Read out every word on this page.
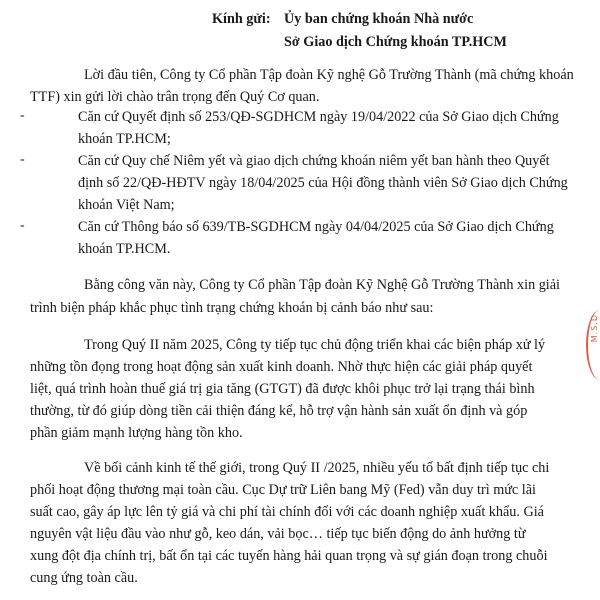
Kính gửi: Ủy ban chứng khoán Nhà nước
Sở Giao dịch Chứng khoán TP.HCM
Lời đầu tiên, Công ty Cổ phần Tập đoàn Kỹ nghệ Gỗ Trường Thành (mã chứng khoán
TTF) xin gửi lời chào trân trọng đến Quý Cơ quan.
-	Căn cứ Quyết định số 253/QĐ-SGDHCM ngày 19/04/2022 của Sở Giao dịch Chứng
khoán TP.HCM;
-	Căn cứ Quy chế Niêm yết và giao dịch chứng khoán niêm yết ban hành theo Quyết
định số 22/QĐ-HĐTV ngày 18/04/2025 của Hội đồng thành viên Sở Giao dịch Chứng
khoán Việt Nam;
-	Căn cứ Thông báo số 639/TB-SGDHCM ngày 04/04/2025 của Sở Giao dịch Chứng
khoán TP.HCM.
Bằng công văn này, Công ty Cổ phần Tập đoàn Kỹ Nghệ Gỗ Trường Thành xin giải
trình biện pháp khắc phục tình trạng chứng khoán bị cảnh báo như sau:
Trong Quý II năm 2025, Công ty tiếp tục chủ động triển khai các biện pháp xử lý
những tồn đọng trong hoạt động sản xuất kinh doanh. Nhờ thực hiện các giải pháp quyết
liệt, quá trình hoàn thuế giá trị gia tăng (GTGT) đã được khôi phục trở lại trạng thái bình
thường, từ đó giúp dòng tiền cải thiện đáng kể, hỗ trợ vận hành sản xuất ổn định và góp
phần giảm mạnh lượng hàng tồn kho.
Về bối cảnh kinh tế thế giới, trong Quý II /2025, nhiều yếu tố bất định tiếp tục chi
phối hoạt động thương mại toàn cầu. Cục Dự trữ Liên bang Mỹ (Fed) vẫn duy trì mức lãi
suất cao, gây áp lực lên tỷ giá và chi phí tài chính đối với các doanh nghiệp xuất khẩu. Giá
nguyên vật liệu đầu vào như gỗ, keo dán, vải bọc… tiếp tục biến động do ảnh hưởng từ
xung đột địa chính trị, bất ổn tại các tuyến hàng hải quan trọng và sự gián đoạn trong chuỗi
cung ứng toàn cầu.
M.S.D
